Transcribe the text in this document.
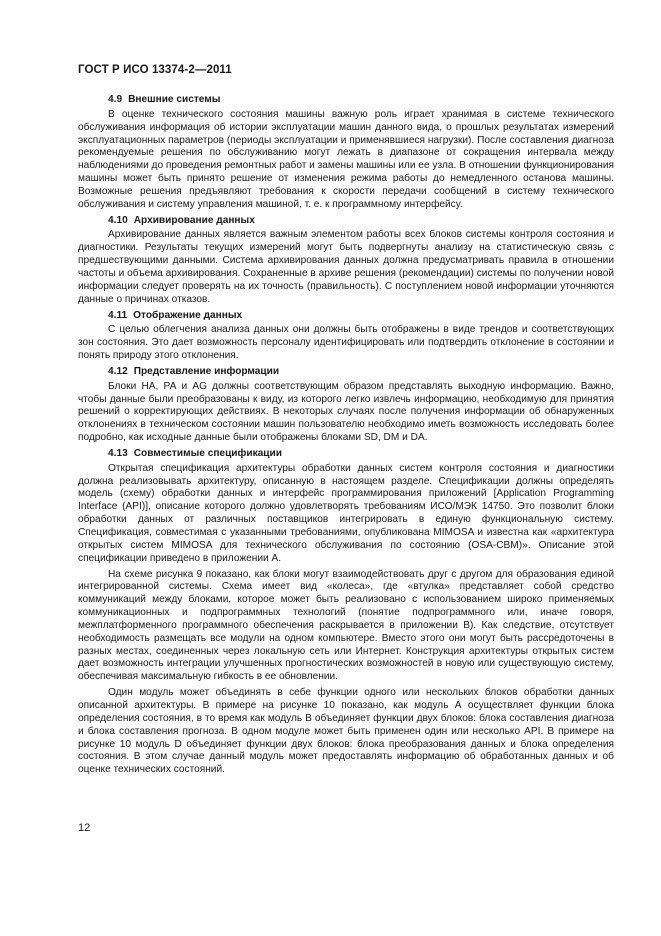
ГОСТ Р ИСО 13374-2—2011
4.9 Внешние системы

В оценке технического состояния машины важную роль играет хранимая в системе технического обслуживания информация об истории эксплуатации машин данного вида, о прошлых результатах измерений эксплуатационных параметров (периоды эксплуатации и применявшиеся нагрузки). После составления диагноза рекомендуемые решения по обслуживанию могут лежать в диапазоне от сокращения интервала между наблюдениями до проведения ремонтных работ и замены машины или ее узла. В отношении функционирования машины может быть принято решение от изменения режима работы до немедленного останова машины. Возможные решения предъявляют требования к скорости передачи сообщений в систему технического обслуживания и систему управления машиной, т. е. к программному интерфейсу.

4.10 Архивирование данных

Архивирование данных является важным элементом работы всех блоков системы контроля состояния и диагностики. Результаты текущих измерений могут быть подвергнуты анализу на статистическую связь с предшествующими данными. Система архивирования данных должна предусматривать правила в отношении частоты и объема архивирования. Сохраненные в архиве решения (рекомендации) системы по получении новой информации следует проверять на их точность (правильность). С поступлением новой информации уточняются данные о причинах отказов.

4.11 Отображение данных

С целью облегчения анализа данных они должны быть отображены в виде трендов и соответствующих зон состояния. Это дает возможность персоналу идентифицировать или подтвердить отклонение в состоянии и понять природу этого отклонения.

4.12 Представление информации

Блоки НА, РА и AG должны соответствующим образом представлять выходную информацию. Важно, чтобы данные были преобразованы к виду, из которого легко извлечь информацию, необходимую для принятия решений о корректирующих действиях. В некоторых случаях после получения информации об обнаруженных отклонениях в техническом состоянии машин пользователю необходимо иметь возможность исследовать более подробно, как исходные данные были отображены блоками SD, DM и DA.

4.13 Совместимые спецификации

Открытая спецификация архитектуры обработки данных систем контроля состояния и диагностики должна реализовывать архитектуру, описанную в настоящем разделе. Спецификации должны определять модель (схему) обработки данных и интерфейс программирования приложений [Application Programming Interface (API)], описание которого должно удовлетворять требованиям ИСО/МЭК 14750. Это позволит блоки обработки данных от различных поставщиков интегрировать в единую функциональную систему. Спецификация, совместимая с указанными требованиями, опубликована MIMOSA и известна как «архитектура открытых систем MIMOSA для технического обслуживания по состоянию (OSA-CBM)». Описание этой спецификации приведено в приложении А.

На схеме рисунка 9 показано, как блоки могут взаимодействовать друг с другом для образования единой интегрированной системы. Схема имеет вид «колеса», где «втулка» представляет собой средство коммуникаций между блоками, которое может быть реализовано с использованием широко применяемых коммуникационных и подпрограммных технологий (понятие подпрограммного или, иначе говоря, межплатформенного программного обеспечения раскрывается в приложении В). Как следствие, отсутствует необходимость размещать все модули на одном компьютере. Вместо этого они могут быть рассредоточены в разных местах, соединенных через локальную сеть или Интернет. Конструкция архитектуры открытых систем дает возможность интеграции улучшенных прогностических возможностей в новую или существующую систему, обеспечивая максимальную гибкость в ее обновлении.

Один модуль может объединять в себе функции одного или нескольких блоков обработки данных описанной архитектуры. В примере на рисунке 10 показано, как модуль А осуществляет функции блока определения состояния, в то время как модуль В объединяет функции двух блоков: блока составления диагноза и блока составления прогноза. В одном модуле может быть применен один или несколько API. В примере на рисунке 10 модуль D объединяет функции двух блоков: блока преобразования данных и блока определения состояния. В этом случае данный модуль может предоставлять информацию об обработанных данных и об оценке технических состояний.

12
